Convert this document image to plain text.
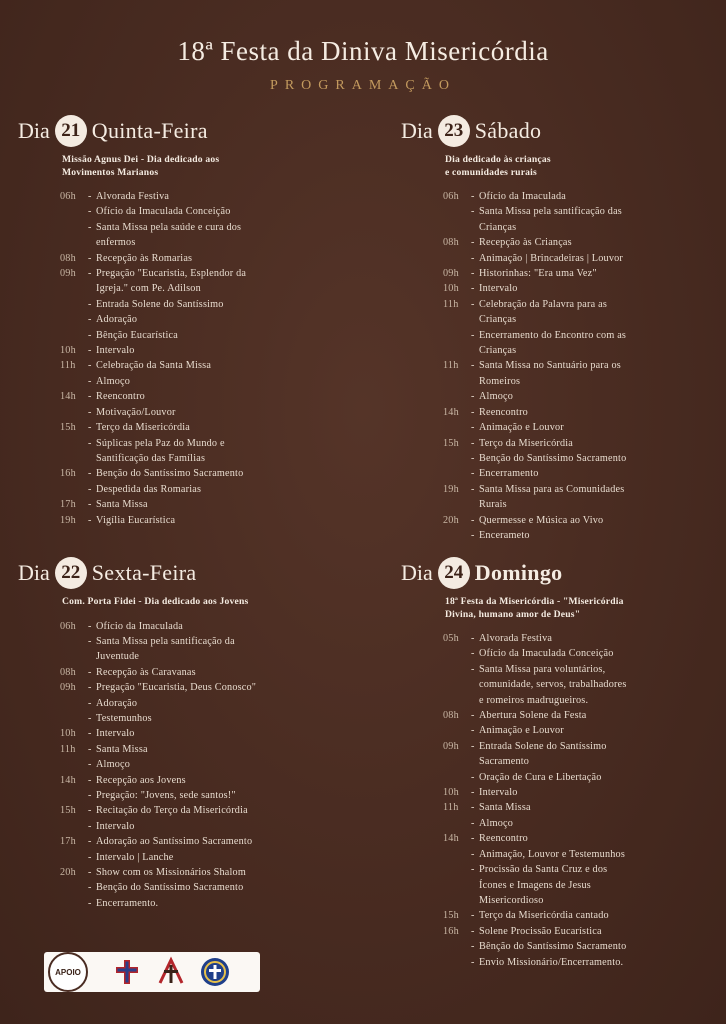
18ª Festa da Diniva Misericórdia
PROGRAMAÇÃO
Dia 21 Quinta-Feira
Missão Agnus Dei - Dia dedicado aos
Movimentos Marianos
06h	- Alvorada Festiva
- Ofício da Imaculada Conceição
- Santa Missa pela saúde e cura dos
enfermos
08h	- Recepção às Romarias
09h	- Pregação "Eucaristia, Esplendor da
Igreja." com Pe. Adilson
- Entrada Solene do Santíssimo
- Adoração
- Bênção Eucarística
10h	- Intervalo
11h	- Celebração da Santa Missa
- Almoço
14h	- Reencontro
- Motivação/Louvor
15h	- Terço da Misericórdia
- Súplicas pela Paz do Mundo e
Santificação das Famílias
16h	- Benção do Santíssimo Sacramento
- Despedida das Romarias
17h	- Santa Missa
19h	- Vigília Eucarística
Dia 23 Sábado
Dia dedicado às crianças
e comunidades rurais
06h	- Ofício da Imaculada
- Santa Missa pela santificação das
Crianças
08h	- Recepção às Crianças
- Animação | Brincadeiras | Louvor
09h	- Historinhas: "Era uma Vez"
10h	- Intervalo
11h	- Celebração da Palavra para as
Crianças
- Encerramento do Encontro com as
Crianças
11h	- Santa Missa no Santuário para os
Romeiros
- Almoço
14h	- Reencontro
- Animação e Louvor
15h	- Terço da Misericórdia
- Benção do Santíssimo Sacramento
- Encerramento
19h	- Santa Missa para as Comunidades
Rurais
20h	- Quermesse e Música ao Vivo
- Encerameto
Dia 22 Sexta-Feira
Com. Porta Fidei - Dia dedicado aos Jovens
06h	- Ofício da Imaculada
- Santa Missa pela santificação da
Juventude
08h	- Recepção às Caravanas
09h	- Pregação "Eucaristia, Deus Conosco"
- Adoração
- Testemunhos
10h	- Intervalo
11h	- Santa Missa
- Almoço
14h	- Recepção aos Jovens
- Pregação: "Jovens, sede santos!"
15h	- Recitação do Terço da Misericórdia
- Intervalo
17h	- Adoração ao Santíssimo Sacramento
- Intervalo | Lanche
20h	- Show com os Missionários Shalom
- Benção do Santíssimo Sacramento
- Encerramento.
Dia 24 Domingo
18ª Festa da Misericórdia - "Misericórdia
Divina, humano amor de Deus"
05h	- Alvorada Festiva
- Ofício da Imaculada Conceição
- Santa Missa para voluntários,
comunidade, servos, trabalhadores
e romeiros madrugueiros.
08h	- Abertura Solene da Festa
- Animação e Louvor
09h	- Entrada Solene do Santíssimo
Sacramento
- Oração de Cura e Libertação
10h	- Intervalo
11h	- Santa Missa
- Almoço
14h	- Reencontro
- Animação, Louvor e Testemunhos
- Procissão da Santa Cruz e dos
Ícones e Imagens de Jesus
Misericordioso
15h	- Terço da Misericórdia cantado
16h	- Solene Procissão Eucarística
- Bênção do Santíssimo Sacramento
- Envio Missionário/Encerramento.
APOIO
